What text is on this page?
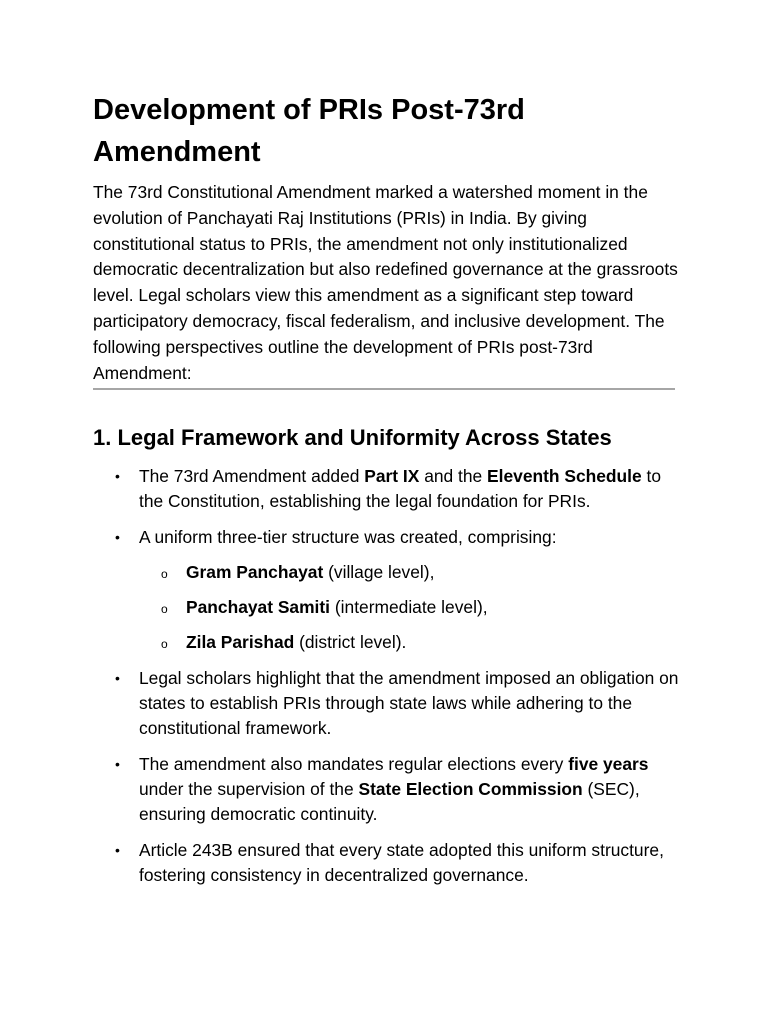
Development of PRIs Post-73rd Amendment

The 73rd Constitutional Amendment marked a watershed moment in the evolution of Panchayati Raj Institutions (PRIs) in India. By giving constitutional status to PRIs, the amendment not only institutionalized democratic decentralization but also redefined governance at the grassroots level. Legal scholars view this amendment as a significant step toward participatory democracy, fiscal federalism, and inclusive development. The following perspectives outline the development of PRIs post-73rd Amendment:

1. Legal Framework and Uniformity Across States
• The 73rd Amendment added Part IX and the Eleventh Schedule to the Constitution, establishing the legal foundation for PRIs.
• A uniform three-tier structure was created, comprising:
o Gram Panchayat (village level),
o Panchayat Samiti (intermediate level),
o Zila Parishad (district level).
• Legal scholars highlight that the amendment imposed an obligation on states to establish PRIs through state laws while adhering to the constitutional framework.
• The amendment also mandates regular elections every five years under the supervision of the State Election Commission (SEC), ensuring democratic continuity.
• Article 243B ensured that every state adopted this uniform structure, fostering consistency in decentralized governance.
